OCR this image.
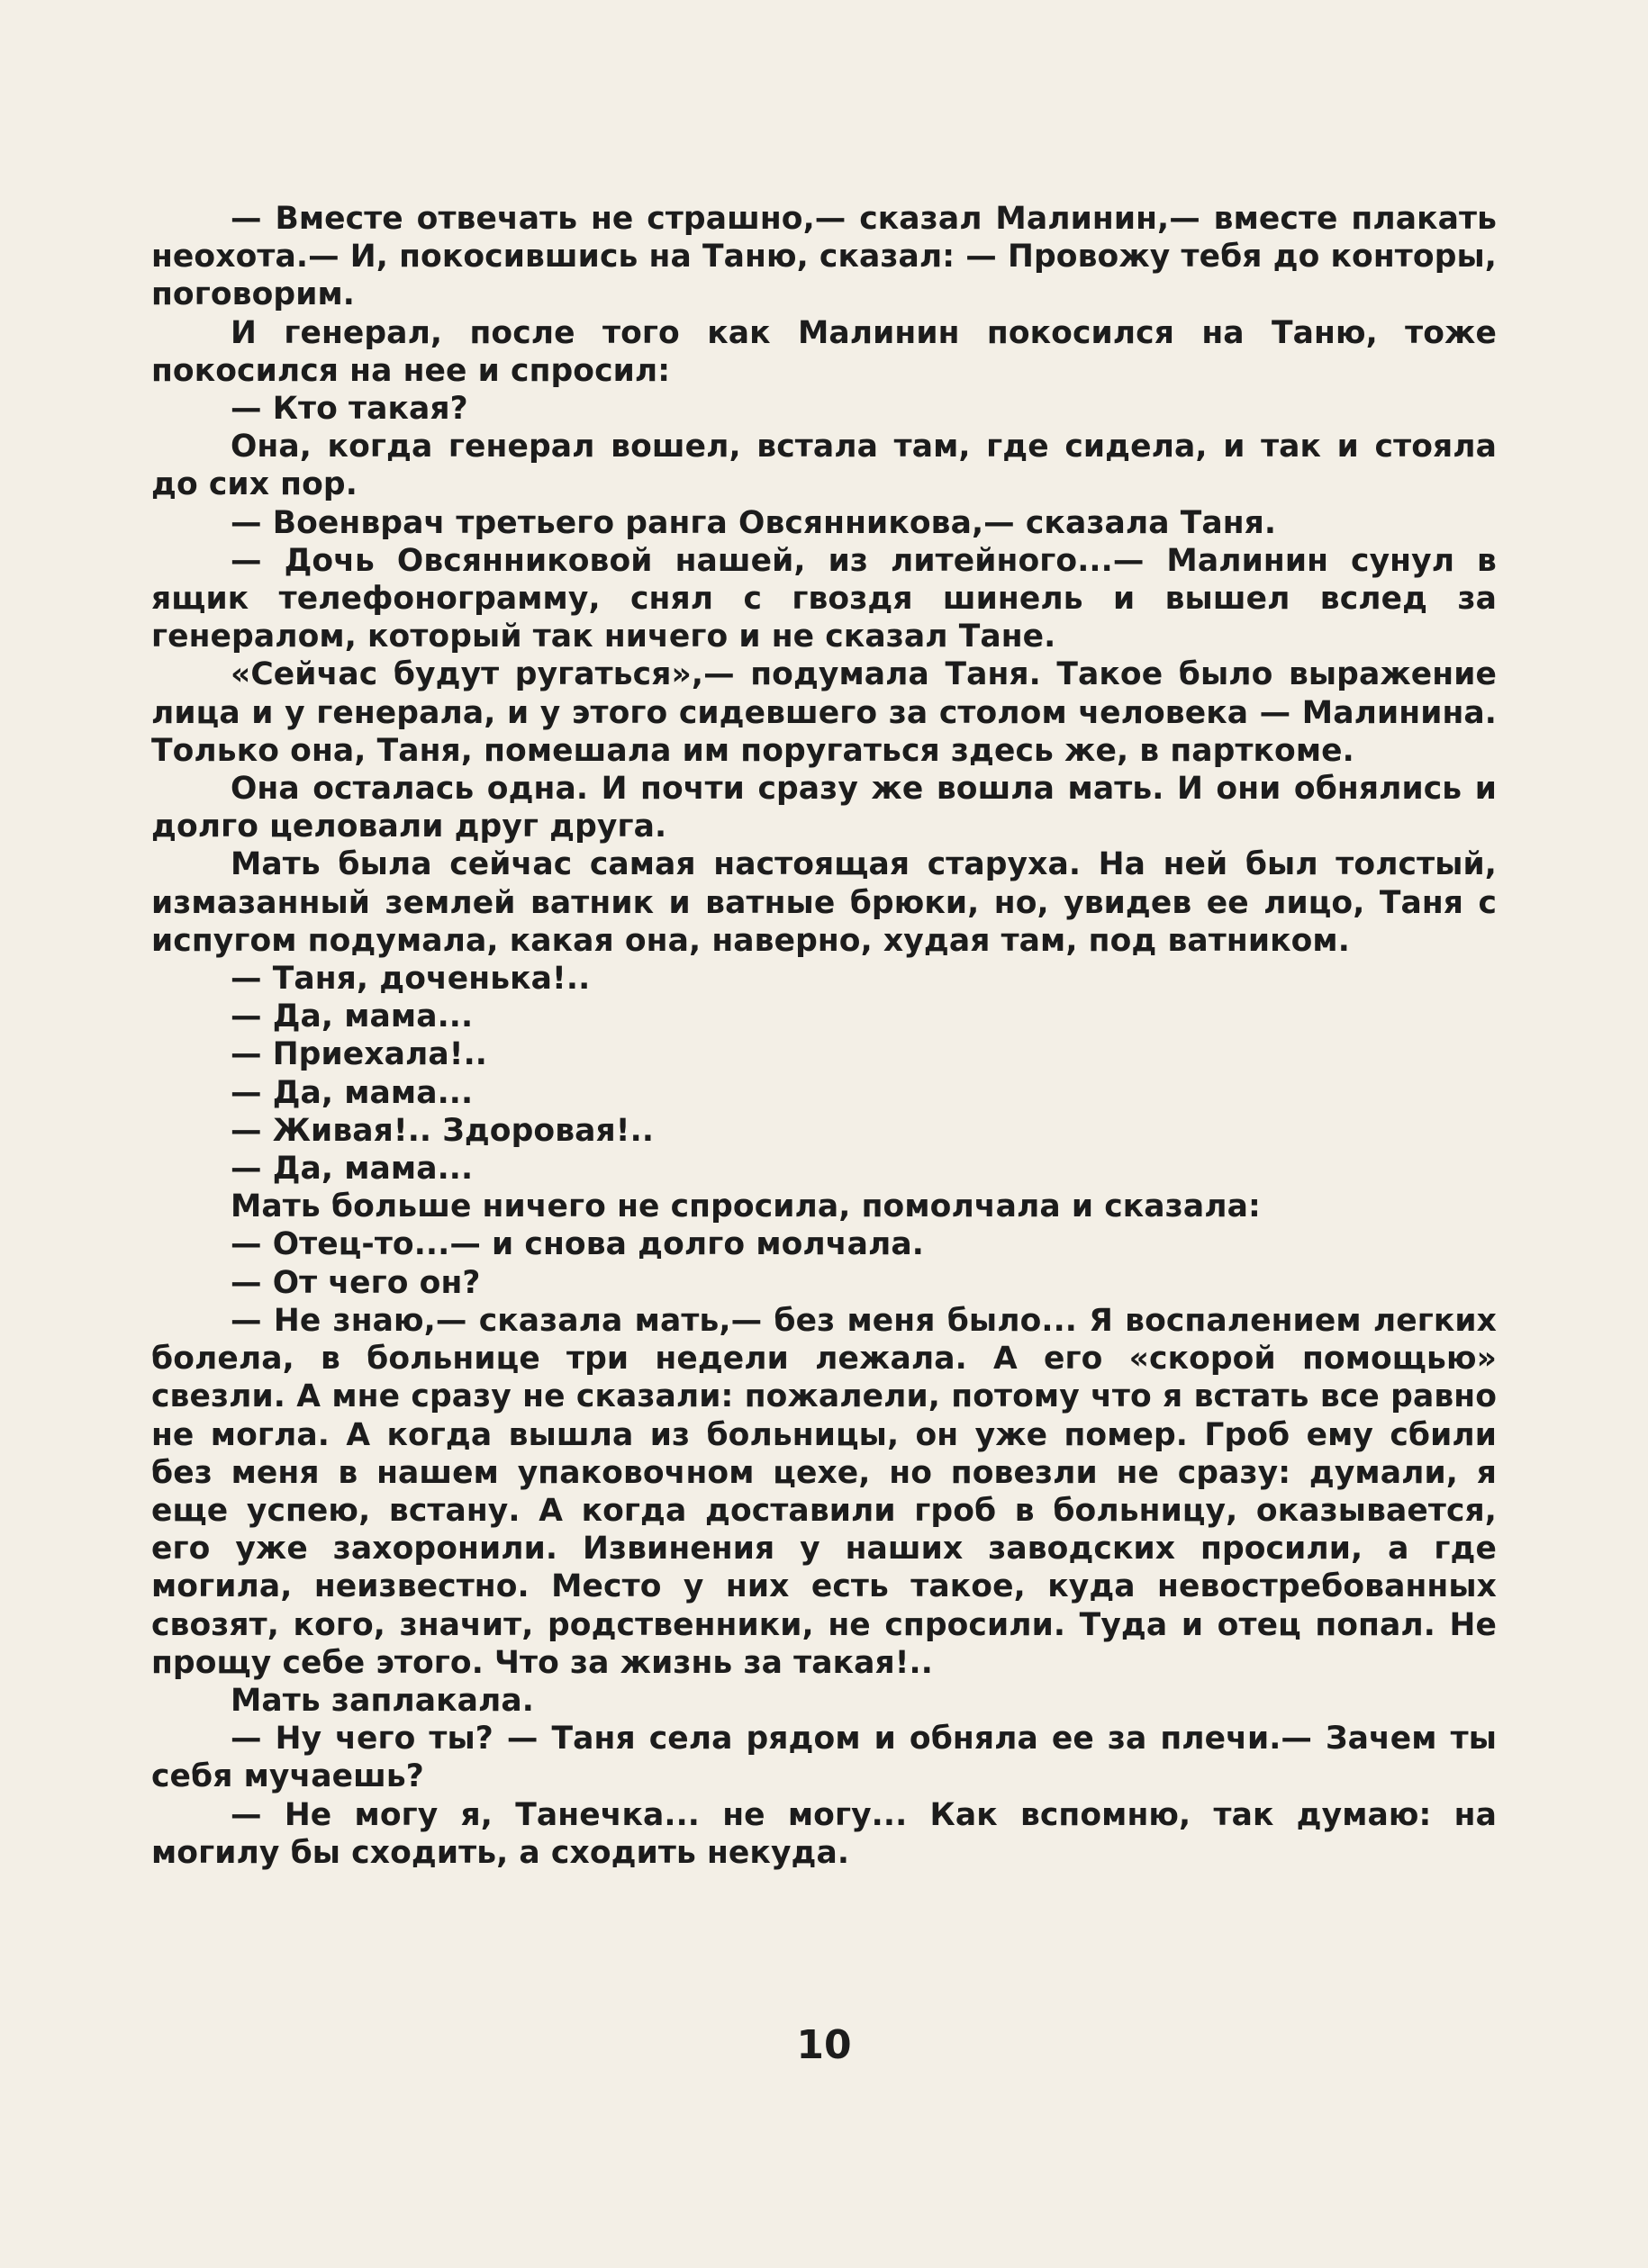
— Вместе отвечать не страшно,— сказал Малинин,— вместе плакать неохота.— И, покосившись на Таню, сказал: — Провожу тебя до конторы, поговорим.

И генерал, после того как Малинин покосился на Таню, тоже покосился на нее и спросил:

— Кто такая?

Она, когда генерал вошел, встала там, где сидела, и так и стояла до сих пор.

— Военврач третьего ранга Овсянникова,— сказала Таня.

— Дочь Овсянниковой нашей, из литейного...— Малинин сунул в ящик телефонограмму, снял с гвоздя шинель и вышел вслед за генералом, который так ничего и не сказал Тане.

«Сейчас будут ругаться»,— подумала Таня. Такое было выражение лица и у генерала, и у этого сидевшего за столом человека — Малинина. Только она, Таня, помешала им поругаться здесь же, в парткоме.

Она осталась одна. И почти сразу же вошла мать. И они обнялись и долго целовали друг друга.

Мать была сейчас самая настоящая старуха. На ней был толстый, измазанный землей ватник и ватные брюки, но, увидев ее лицо, Таня с испугом подумала, какая она, наверно, худая там, под ватником.

— Таня, доченька!..

— Да, мама...

— Приехала!..

— Да, мама...

— Живая!.. Здоровая!..

— Да, мама...

Мать больше ничего не спросила, помолчала и сказала:

— Отец-то...— и снова долго молчала.

— От чего он?

— Не знаю,— сказала мать,— без меня было... Я воспалением легких болела, в больнице три недели лежала. А его «скорой помощью» свезли. А мне сразу не сказали: пожалели, потому что я встать все равно не могла. А когда вышла из больницы, он уже помер. Гроб ему сбили без меня в нашем упаковочном цехе, но повезли не сразу: думали, я еще успею, встану. А когда доставили гроб в больницу, оказывается, его уже захоронили. Извинения у наших заводских просили, а где могила, неизвестно. Место у них есть такое, куда невостребованных свозят, кого, значит, родственники, не спросили. Туда и отец попал. Не прощу себе этого. Что за жизнь за такая!..

Мать заплакала.

— Ну чего ты? — Таня села рядом и обняла ее за плечи.— Зачем ты себя мучаешь?

— Не могу я, Танечка... не могу... Как вспомню, так думаю: на могилу бы сходить, а сходить некуда.

10
